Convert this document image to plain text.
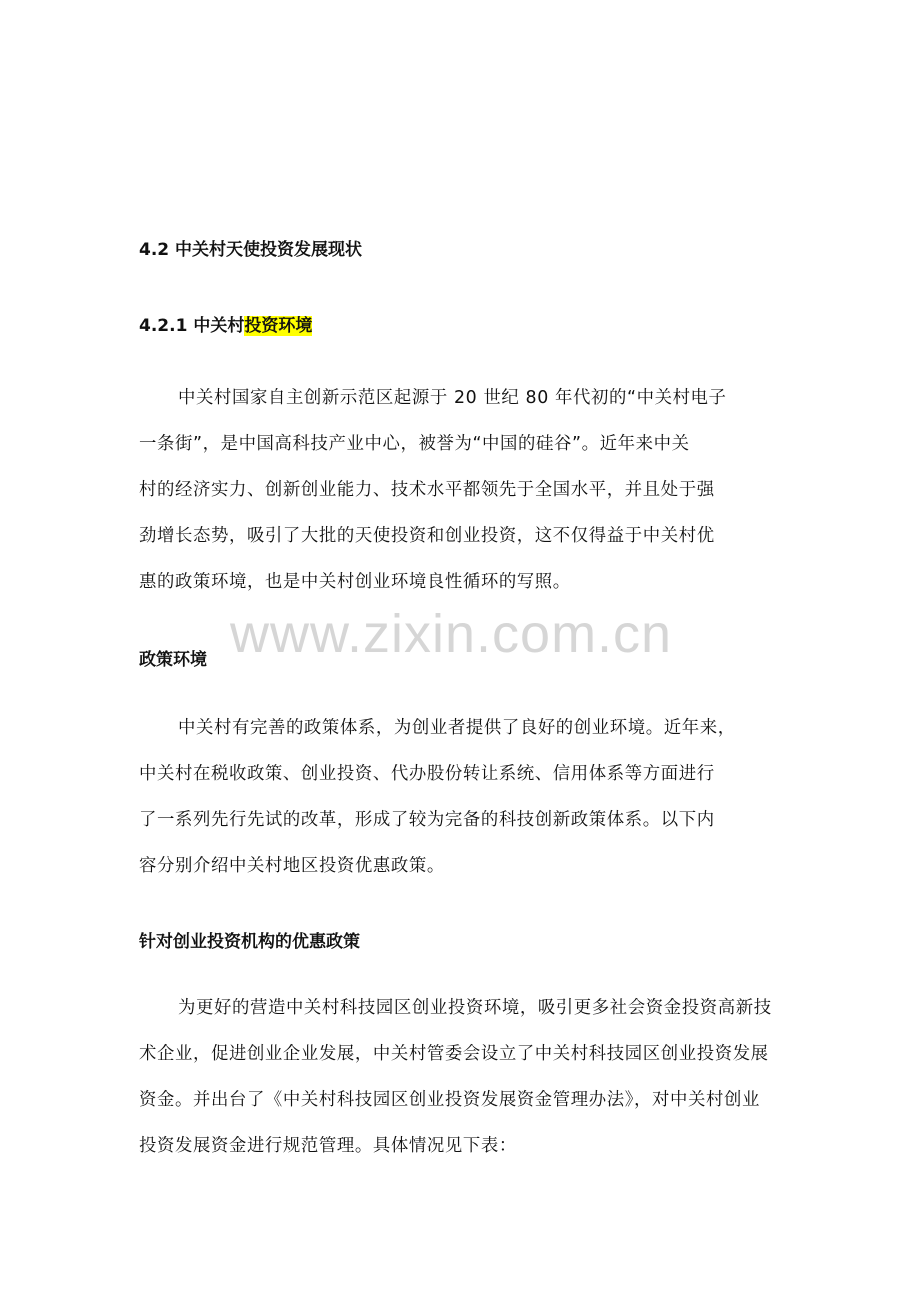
4.2 中关村天使投资发展现状
4.2.1 中关村投资环境
中关村国家自主创新示范区起源于 20 世纪 80 年代初的“中关村电子
一条街”，是中国高科技产业中心，被誉为“中国的硅谷”。近年来中关
村的经济实力、创新创业能力、技术水平都领先于全国水平，并且处于强
劲增长态势，吸引了大批的天使投资和创业投资，这不仅得益于中关村优
惠的政策环境，也是中关村创业环境良性循环的写照。
www.zixin.com.cn
政策环境
中关村有完善的政策体系，为创业者提供了良好的创业环境。近年来，
中关村在税收政策、创业投资、代办股份转让系统、信用体系等方面进行
了一系列先行先试的改革，形成了较为完备的科技创新政策体系。以下内
容分别介绍中关村地区投资优惠政策。
针对创业投资机构的优惠政策
为更好的营造中关村科技园区创业投资环境，吸引更多社会资金投资高新技
术企业，促进创业企业发展，中关村管委会设立了中关村科技园区创业投资发展
资金。并出台了《中关村科技园区创业投资发展资金管理办法》，对中关村创业
投资发展资金进行规范管理。具体情况见下表：
